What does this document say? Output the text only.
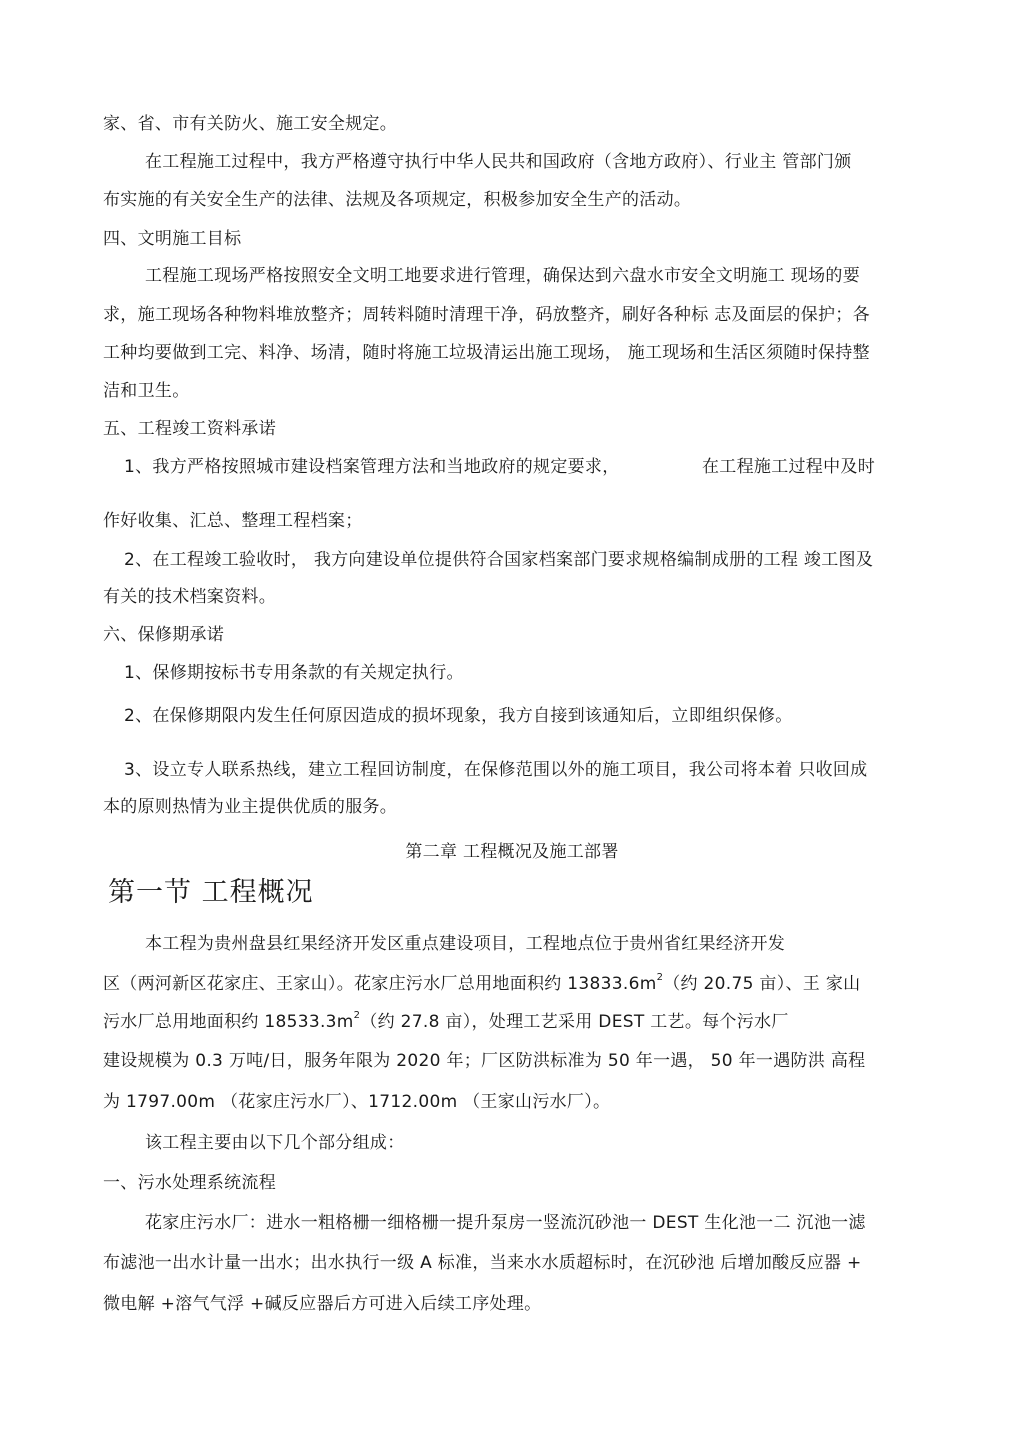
家、省、市有关防火、施工安全规定。
在工程施工过程中，我方严格遵守执行中华人民共和国政府（含地方政府）、行业主 管部门颁
布实施的有关安全生产的法律、法规及各项规定，积极参加安全生产的活动。
四、文明施工目标
工程施工现场严格按照安全文明工地要求进行管理，确保达到六盘水市安全文明施工 现场的要
求，施工现场各种物料堆放整齐；周转料随时清理干净，码放整齐，刷好各种标 志及面层的保护；各
工种均要做到工完、料净、场清，随时将施工垃圾清运出施工现场， 施工现场和生活区须随时保持整
洁和卫生。
五、工程竣工资料承诺
1、我方严格按照城市建设档案管理方法和当地政府的规定要求，	在工程施工过程中及时
作好收集、汇总、整理工程档案；
2、在工程竣工验收时， 我方向建设单位提供符合国家档案部门要求规格编制成册的工程 竣工图及
有关的技术档案资料。
六、保修期承诺
1、保修期按标书专用条款的有关规定执行。
2、在保修期限内发生任何原因造成的损坏现象，我方自接到该通知后，立即组织保修。
3、设立专人联系热线，建立工程回访制度，在保修范围以外的施工项目，我公司将本着 只收回成
本的原则热情为业主提供优质的服务。
第二章 工程概况及施工部署
第一节 工程概况
本工程为贵州盘县红果经济开发区重点建设项目，工程地点位于贵州省红果经济开发
区（两河新区花家庄、王家山）。花家庄污水厂总用地面积约 $13833.6m^2$（约 20.75 亩）、王 家山
污水厂总用地面积约 $18533.3m^2$（约 27.8 亩），处理工艺采用 DEST 工艺。每个污水厂
建设规模为 0.3 万吨/日，服务年限为 2020 年；厂区防洪标准为 50 年一遇， 50 年一遇防洪 高程
为 1797.00m （花家庄污水厂）、1712.00m （王家山污水厂）。
该工程主要由以下几个部分组成：
一、污水处理系统流程
花家庄污水厂：进水一粗格栅一细格栅一提升泵房一竖流沉砂池一 DEST 生化池一二 沉池一滤
布滤池一出水计量一出水；出水执行一级 A 标准，当来水水质超标时，在沉砂池 后增加酸反应器 +
微电解 +溶气气浮 +碱反应器后方可进入后续工序处理。
